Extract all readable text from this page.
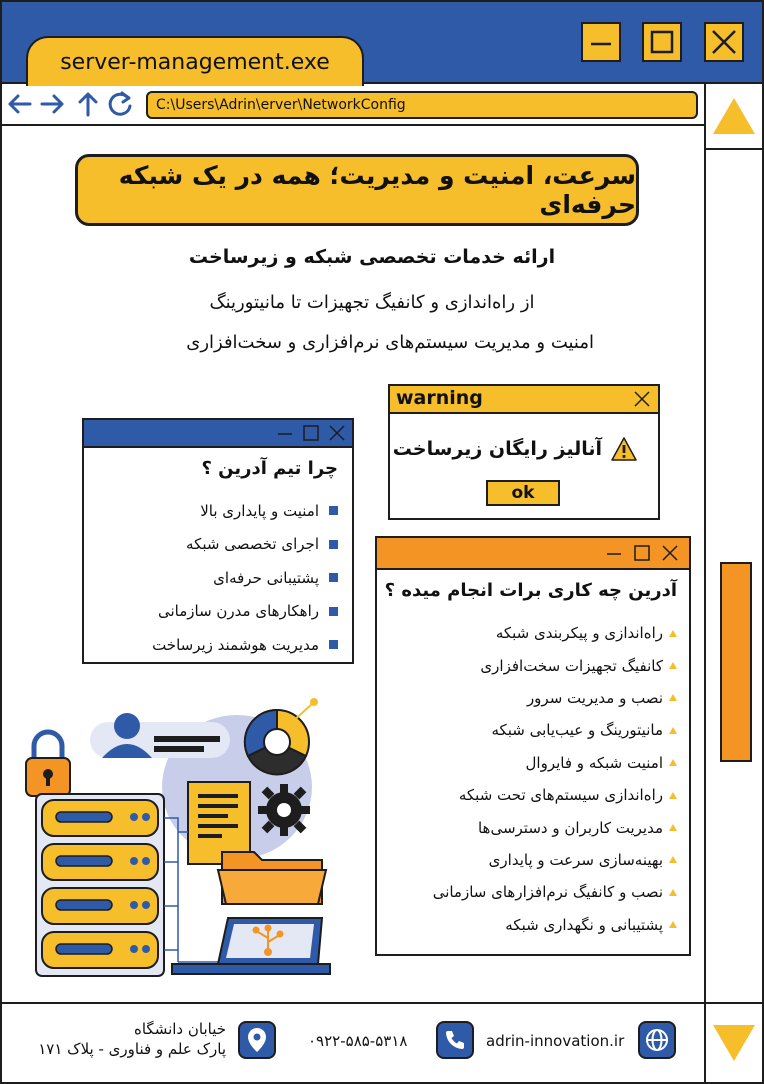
server-management.exe
C:\Users\Adrin\erver\NetworkConfig
سرعت، امنیت و مدیریت؛ همه در یک شبکه حرفه‌ای
ارائه خدمات تخصصی شبکه و زیرساخت
از راه‌اندازی و کانفیگ تجهیزات تا مانیتورینگ
امنیت و مدیریت سیستم‌های نرم‌افزاری و سخت‌افزاری
warning
آنالیز رایگان زیرساخت
ok
چرا تیم آدرین ؟
امنیت و پایداری بالا
اجرای تخصصی شبکه
پشتیبانی حرفه‌ای
راهکارهای مدرن سازمانی
مدیریت هوشمند زیرساخت
آدرین چه کاری برات انجام میده ؟
راه‌اندازی و پیکربندی شبکه
کانفیگ تجهیزات سخت‌افزاری
نصب و مدیریت سرور
مانیتورینگ و عیب‌یابی شبکه
امنیت شبکه و فایروال
راه‌اندازی سیستم‌های تحت شبکه
مدیریت کاربران و دسترسی‌ها
بهینه‌سازی سرعت و پایداری
نصب و کانفیگ نرم‌افزارهای سازمانی
پشتیبانی و نگهداری شبکه
adrin-innovation.ir
۰۹۲۲-۵۸۵-۵۳۱۸
خیابان دانشگاه
پارک علم و فناوری - پلاک ۱۷۱
